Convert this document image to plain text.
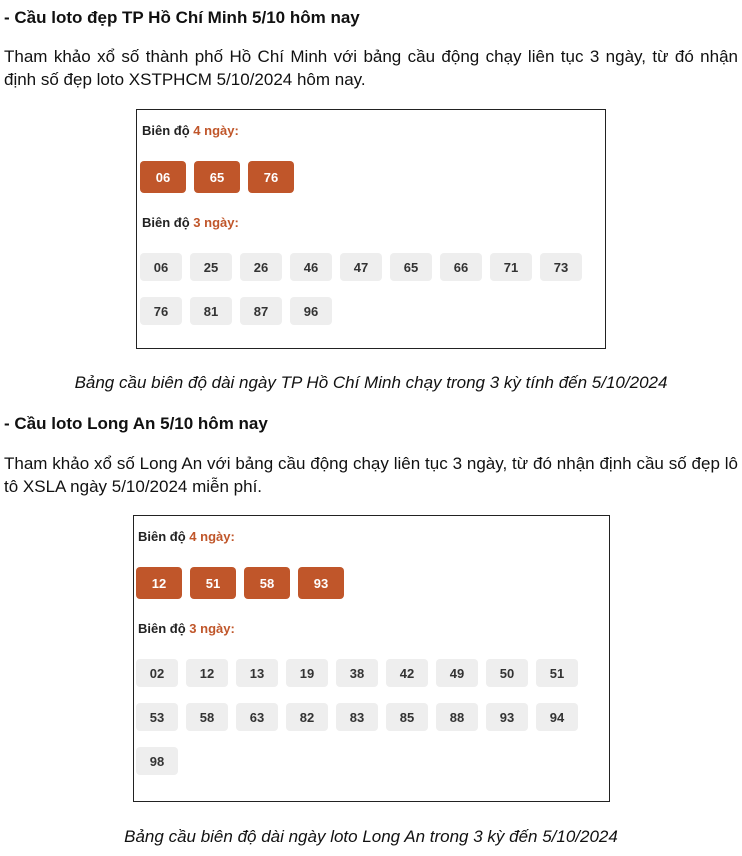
- Cầu loto đẹp TP Hồ Chí Minh 5/10 hôm nay

Tham khảo xổ số thành phố Hồ Chí Minh với bảng cầu động chạy liên tục 3 ngày, từ đó nhận định số đẹp loto XSTPHCM 5/10/2024 hôm nay.

Biên độ 4 ngày:
06	65	76
Biên độ 3 ngày:
06	25	26	46	47	65	66	71	73
76	81	87	96

Bảng cầu biên độ dài ngày TP Hồ Chí Minh chạy trong 3 kỳ tính đến 5/10/2024

- Cầu loto Long An 5/10 hôm nay

Tham khảo xổ số Long An với bảng cầu động chạy liên tục 3 ngày, từ đó nhận định cầu số đẹp lô tô XSLA ngày 5/10/2024 miễn phí.

Biên độ 4 ngày:
12	51	58	93
Biên độ 3 ngày:
02	12	13	19	38	42	49	50	51
53	58	63	82	83	85	88	93	94
98

Bảng cầu biên độ dài ngày loto Long An trong 3 kỳ đến 5/10/2024
